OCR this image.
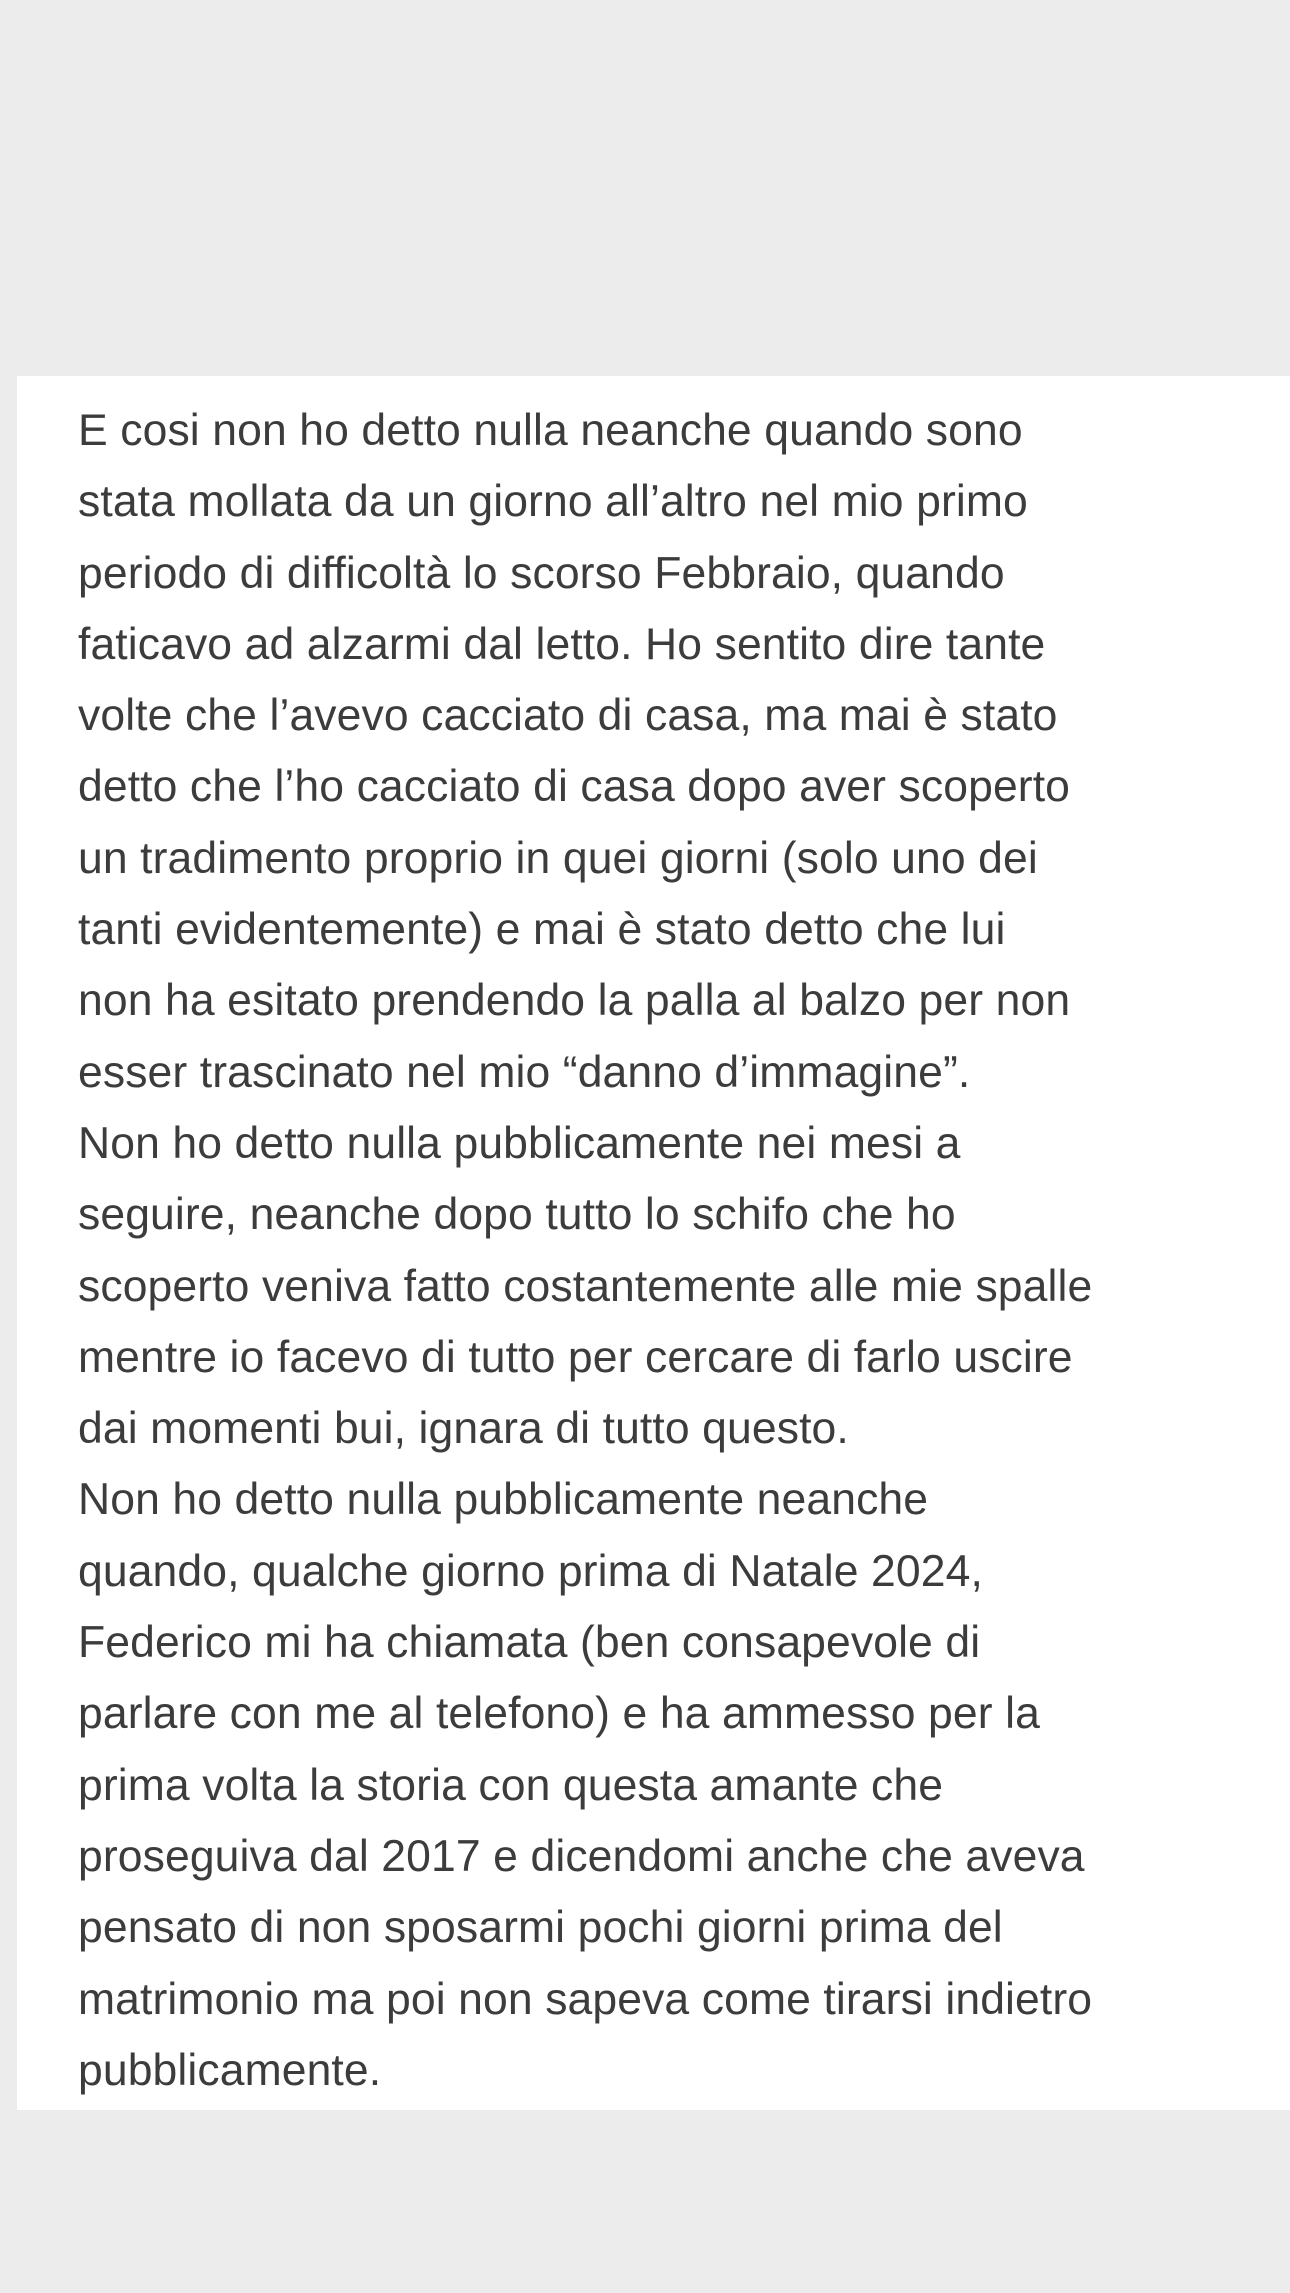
E cosi non ho detto nulla neanche quando sono
stata mollata da un giorno all’altro nel mio primo
periodo di difficoltà lo scorso Febbraio, quando
faticavo ad alzarmi dal letto. Ho sentito dire tante
volte che l’avevo cacciato di casa, ma mai è stato
detto che l’ho cacciato di casa dopo aver scoperto
un tradimento proprio in quei giorni (solo uno dei
tanti evidentemente) e mai è stato detto che lui
non ha esitato prendendo la palla al balzo per non
esser trascinato nel mio “danno d’immagine”.
Non ho detto nulla pubblicamente nei mesi a
seguire, neanche dopo tutto lo schifo che ho
scoperto veniva fatto costantemente alle mie spalle
mentre io facevo di tutto per cercare di farlo uscire
dai momenti bui, ignara di tutto questo.
Non ho detto nulla pubblicamente neanche
quando, qualche giorno prima di Natale 2024,
Federico mi ha chiamata (ben consapevole di
parlare con me al telefono) e ha ammesso per la
prima volta la storia con questa amante che
proseguiva dal 2017 e dicendomi anche che aveva
pensato di non sposarmi pochi giorni prima del
matrimonio ma poi non sapeva come tirarsi indietro
pubblicamente.
